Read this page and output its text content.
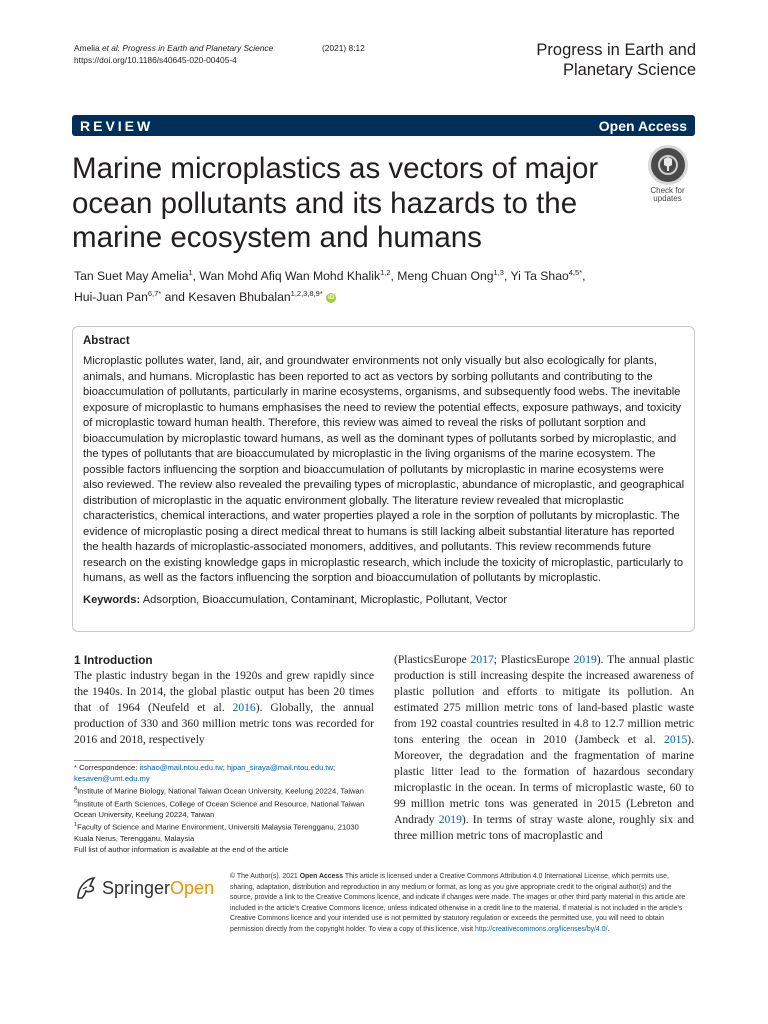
Amelia et al. Progress in Earth and Planetary Science	(2021) 8:12
https://doi.org/10.1186/s40645-020-00405-4
Progress in Earth and
Planetary Science
REVIEW	Open Access
Marine microplastics as vectors of major ocean pollutants and its hazards to the marine ecosystem and humans
Check for
updates
Tan Suet May Amelia$^1$, Wan Mohd Afiq Wan Mohd Khalik$^{1,2}$, Meng Chuan Ong$^{1,3}$, Yi Ta Shao$^{4,5*}$,
Hui-Juan Pan$^{6,7*}$ and Kesaven Bhubalan$^{1,2,3,8,9*}$ iD
Abstract

Microplastic pollutes water, land, air, and groundwater environments not only visually but also ecologically for plants, animals, and humans. Microplastic has been reported to act as vectors by sorbing pollutants and contributing to the bioaccumulation of pollutants, particularly in marine ecosystems, organisms, and subsequently food webs. The inevitable exposure of microplastic to humans emphasises the need to review the potential effects, exposure pathways, and toxicity of microplastic toward human health. Therefore, this review was aimed to reveal the risks of pollutant sorption and bioaccumulation by microplastic toward humans, as well as the dominant types of pollutants sorbed by microplastic, and the types of pollutants that are bioaccumulated by microplastic in the living organisms of the marine ecosystem. The possible factors influencing the sorption and bioaccumulation of pollutants by microplastic in marine ecosystems were also reviewed. The review also revealed the prevailing types of microplastic, abundance of microplastic, and geographical distribution of microplastic in the aquatic environment globally. The literature review revealed that microplastic characteristics, chemical interactions, and water properties played a role in the sorption of pollutants by microplastic. The evidence of microplastic posing a direct medical threat to humans is still lacking albeit substantial literature has reported the health hazards of microplastic-associated monomers, additives, and pollutants. This review recommends future research on the existing knowledge gaps in microplastic research, which include the toxicity of microplastic, particularly to humans, as well as the factors influencing the sorption and bioaccumulation of pollutants by microplastic.

Keywords: Adsorption, Bioaccumulation, Contaminant, Microplastic, Pollutant, Vector
1 Introduction

The plastic industry began in the 1920s and grew rapidly since the 1940s. In 2014, the global plastic output has been 20 times that of 1964 (Neufeld et al. 2016). Globally, the annual production of 330 and 360 million metric tons was recorded for 2016 and 2018, respectively

(PlasticsEurope 2017; PlasticsEurope 2019). The annual plastic production is still increasing despite the increased awareness of plastic pollution and efforts to mitigate its pollution. An estimated 275 million metric tons of land-based plastic waste from 192 coastal countries resulted in 4.8 to 12.7 million metric tons entering the ocean in 2010 (Jambeck et al. 2015). Moreover, the degradation and the fragmentation of marine plastic litter lead to the formation of hazardous secondary microplastic in the ocean. In terms of microplastic waste, 60 to 99 million metric tons was generated in 2015 (Lebreton and Andrady 2019). In terms of stray waste alone, roughly six and three million metric tons of macroplastic and

* Correspondence: itshao@mail.ntou.edu.tw; hjpan_siraya@mail.ntou.edu.tw;
kesaven@umt.edu.my
$^4$Institute of Marine Biology, National Taiwan Ocean University, Keelung 20224, Taiwan
$^6$Institute of Earth Sciences, College of Ocean Science and Resource, National Taiwan Ocean University, Keelung 20224, Taiwan
$^1$Faculty of Science and Marine Environment, Universiti Malaysia Terengganu, 21030 Kuala Nerus, Terengganu, Malaysia
Full list of author information is available at the end of the article
SpringerOpen
© The Author(s). 2021 Open Access This article is licensed under a Creative Commons Attribution 4.0 International License, which permits use, sharing, adaptation, distribution and reproduction in any medium or format, as long as you give appropriate credit to the original author(s) and the source, provide a link to the Creative Commons licence, and indicate if changes were made. The images or other third party material in this article are included in the article's Creative Commons licence, unless indicated otherwise in a credit line to the material. If material is not included in the article's Creative Commons licence and your intended use is not permitted by statutory regulation or exceeds the permitted use, you will need to obtain permission directly from the copyright holder. To view a copy of this licence, visit http://creativecommons.org/licenses/by/4.0/.
